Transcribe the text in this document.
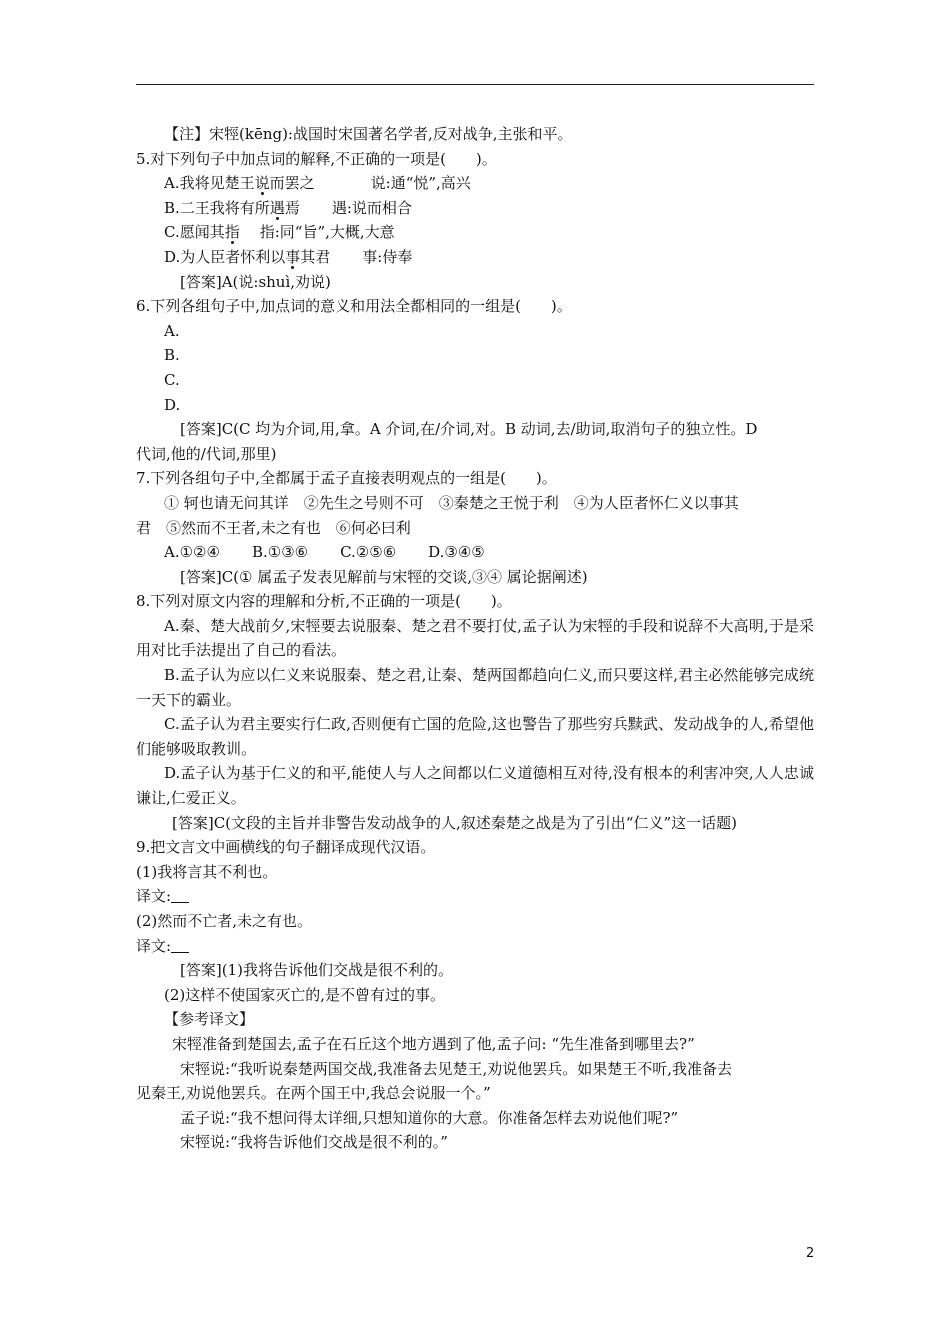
【注】宋牼(kēng):战国时宋国著名学者,反对战争,主张和平。
5.对下列句子中加点词的解释,不正确的一项是(　　)。
A.我将见楚王说而罢之	说:通“悦”,高兴
B.二王我将有所遇焉 遇:说而相合
C.愿闻其指 指:同“旨”,大概,大意
D.为人臣者怀利以事其君 事:侍奉
[答案]A(说:shuì,劝说)
6.下列各组句子中,加点词的意义和用法全都相同的一组是(　　)。
A.
B.
C.
D.
[答案]C(C 均为介词,用,拿。A 介词,在/介词,对。B 动词,去/助词,取消句子的独立性。D
代词,他的/代词,那里)
7.下列各组句子中,全都属于孟子直接表明观点的一组是(　　)。
① 轲也请无问其详　②先生之号则不可　③秦楚之王悦于利　④为人臣者怀仁义以事其
君　⑤然而不王者,未之有也　⑥何必曰利
A.①②④ B.①③⑥ C.②⑤⑥ D.③④⑤
[答案]C(① 属孟子发表见解前与宋牼的交谈,③④ 属论据阐述)
8.下列对原文内容的理解和分析,不正确的一项是(　　)。
A.秦、楚大战前夕,宋牼要去说服秦、楚之君不要打仗,孟子认为宋牼的手段和说辞不大高明,于是采用对比手法提出了自己的看法。
B.孟子认为应以仁义来说服秦、楚之君,让秦、楚两国都趋向仁义,而只要这样,君主必然能够完成统一天下的霸业。
C.孟子认为君主要实行仁政,否则便有亡国的危险,这也警告了那些穷兵黩武、发动战争的人,希望他们能够吸取教训。
D.孟子认为基于仁义的和平,能使人与人之间都以仁义道德相互对待,没有根本的利害冲突,人人忠诚谦让,仁爱正义。
[答案]C(文段的主旨并非警告发动战争的人,叙述秦楚之战是为了引出“仁义”这一话题)
9.把文言文中画横线的句子翻译成现代汉语。
(1)我将言其不利也。
译文:
(2)然而不亡者,未之有也。
译文:
[答案](1)我将告诉他们交战是很不利的。
(2)这样不使国家灭亡的,是不曾有过的事。
【参考译文】
宋牼准备到楚国去,孟子在石丘这个地方遇到了他,孟子问: “先生准备到哪里去?”
宋牼说:“我听说秦楚两国交战,我准备去见楚王,劝说他罢兵。如果楚王不听,我准备去
见秦王,劝说他罢兵。在两个国王中,我总会说服一个。”
孟子说:“我不想问得太详细,只想知道你的大意。你准备怎样去劝说他们呢?”
宋牼说:“我将告诉他们交战是很不利的。”
2
